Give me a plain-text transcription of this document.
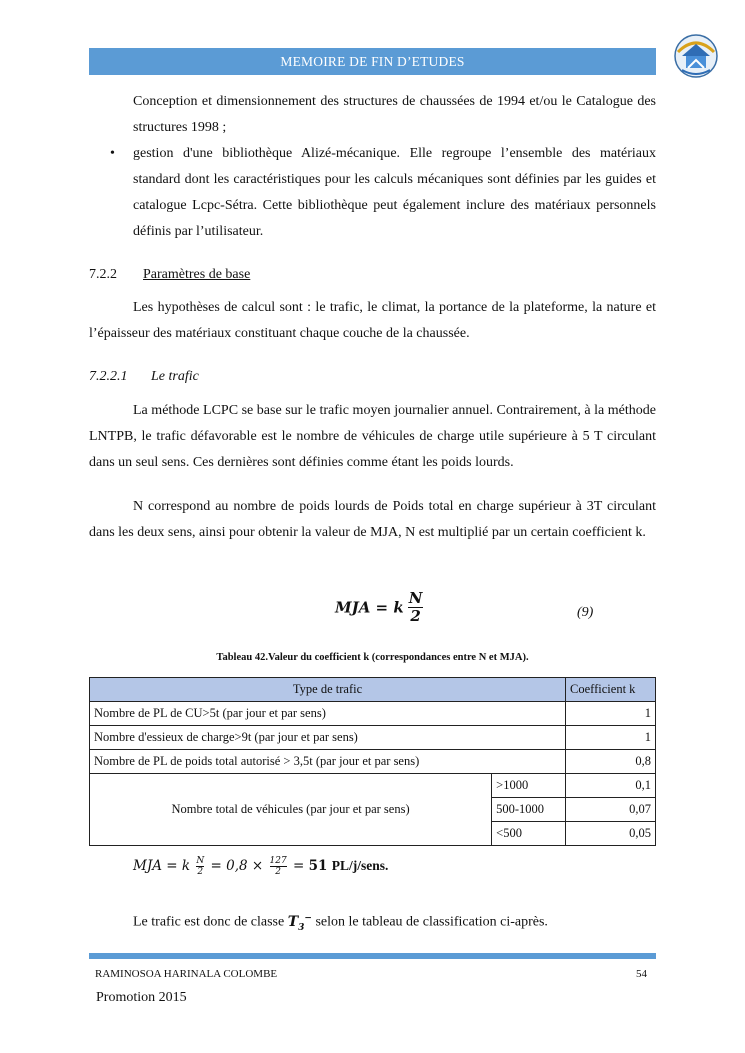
MEMOIRE DE FIN D’ETUDES
Conception et dimensionnement des structures de chaussées de 1994 et/ou le Catalogue des structures 1998 ;
• gestion d'une bibliothèque Alizé-mécanique. Elle regroupe l’ensemble des matériaux standard dont les caractéristiques pour les calculs mécaniques sont définies par les guides et catalogue Lcpc-Sétra. Cette bibliothèque peut également inclure des matériaux personnels définis par l’utilisateur.
7.2.2 Paramètres de base
Les hypothèses de calcul sont : le trafic, le climat, la portance de la plateforme, la nature et l’épaisseur des matériaux constituant chaque couche de la chaussée.
7.2.2.1 Le trafic
La méthode LCPC se base sur le trafic moyen journalier annuel. Contrairement, à la méthode LNTPB, le trafic défavorable est le nombre de véhicules de charge utile supérieure à 5 T circulant dans un seul sens. Ces dernières sont définies comme étant les poids lourds.
N correspond au nombre de poids lourds de Poids total en charge supérieur à 3T circulant dans les deux sens, ainsi pour obtenir la valeur de MJA, N est multiplié par un certain coefficient k.
MJA = k $\frac{N}{2}$	(9)
Tableau 42.Valeur du coefficient k (correspondances entre N et MJA).
Type de trafic		Coefficient k
Nombre de PL de CU>5t (par jour et par sens)		1
Nombre d'essieux de charge>9t (par jour et par sens)		1
Nombre de PL de poids total autorisé > 3,5t (par jour et par sens)		0,8
Nombre total de véhicules (par jour et par sens)	>1000	0,1
	500-1000	0,07
	<500	0,05
MJA = k $\frac{N}{2} = 0,8 \times \frac{127}{2} = 51$ PL/j/sens.
Le trafic est donc de classe $T_3^-$ selon le tableau de classification ci-après.
RAMINOSOA HARINALA COLOMBE	54
Promotion 2015
